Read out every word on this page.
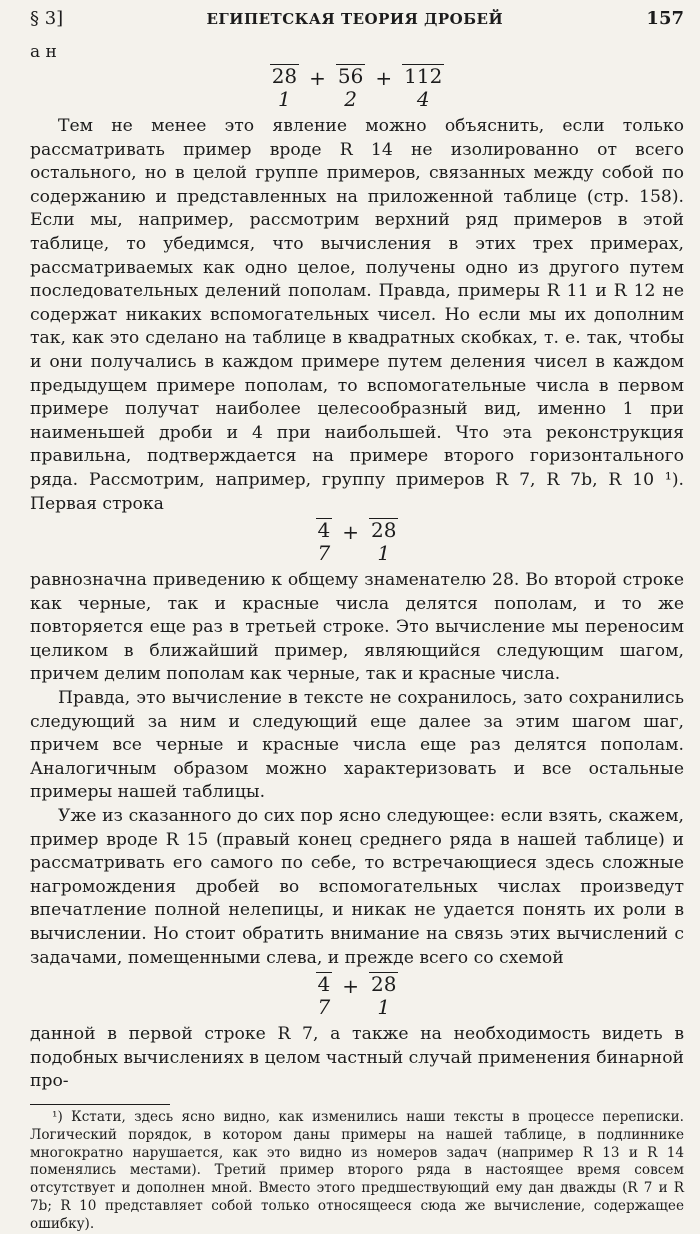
§ 3]	ЕГИПЕТСКАЯ ТЕОРИЯ ДРОБЕЙ	157
а н
28
1
+ 56
2
+ 112
4

Тем не менее это явление можно объяснить, если только рассматривать пример вроде R 14 не изолированно от всего остального, но в целой группе примеров, связанных между собой по содержанию и представленных на приложенной таблице (стр. 158). Если мы, например, рассмотрим верхний ряд примеров в этой таблице, то убедимся, что вычисления в этих трех примерах, рассматриваемых как одно целое, получены одно из другого путем последовательных делений пополам. Правда, примеры R 11 и R 12 не содержат никаких вспомогательных чисел. Но если мы их дополним так, как это сделано на таблице в квадратных скобках, т. е. так, чтобы и они получались в каждом примере путем деления чисел в каждом предыдущем примере пополам, то вспомогательные числа в первом примере получат наиболее целесообразный вид, именно 1 при наименьшей дроби и 4 при наибольшей. Что эта реконструкция правильна, подтверждается на примере второго горизонтального ряда. Рассмотрим, например, группу примеров R 7, R 7b, R 10 ¹). Первая строка

4
7
+ 28
1

равнозначна приведению к общему знаменателю 28. Во второй строке как черные, так и красные числа делятся пополам, и то же повторяется еще раз в третьей строке. Это вычисление мы переносим целиком в ближайший пример, являющийся следующим шагом, причем делим пополам как черные, так и красные числа.

Правда, это вычисление в тексте не сохранилось, зато сохранились следующий за ним и следующий еще далее за этим шагом шаг, причем все черные и красные числа еще раз делятся пополам. Аналогичным образом можно характеризовать и все остальные примеры нашей таблицы.

Уже из сказанного до сих пор ясно следующее: если взять, скажем, пример вроде R 15 (правый конец среднего ряда в нашей таблице) и рассматривать его самого по себе, то встречающиеся здесь сложные нагромождения дробей во вспомогательных числах произведут впечатление полной нелепицы, и никак не удается понять их роли в вычислении. Но стоит обратить внимание на связь этих вычислений с задачами, помещенными слева, и прежде всего со схемой

4
7
+ 28
1

данной в первой строке R 7, а также на необходимость видеть в подобных вычислениях в целом частный случай применения бинарной про-

¹) Кстати, здесь ясно видно, как изменились наши тексты в процессе переписки. Логический порядок, в котором даны примеры на нашей таблице, в подлиннике многократно нарушается, как это видно из номеров задач (например R 13 и R 14 поменялись местами). Третий пример второго ряда в настоящее время совсем отсутствует и дополнен мной. Вместо этого предшествующий ему дан дважды (R 7 и R 7b; R 10 представляет собой только относящееся сюда же вычисление, содержащее ошибку).
